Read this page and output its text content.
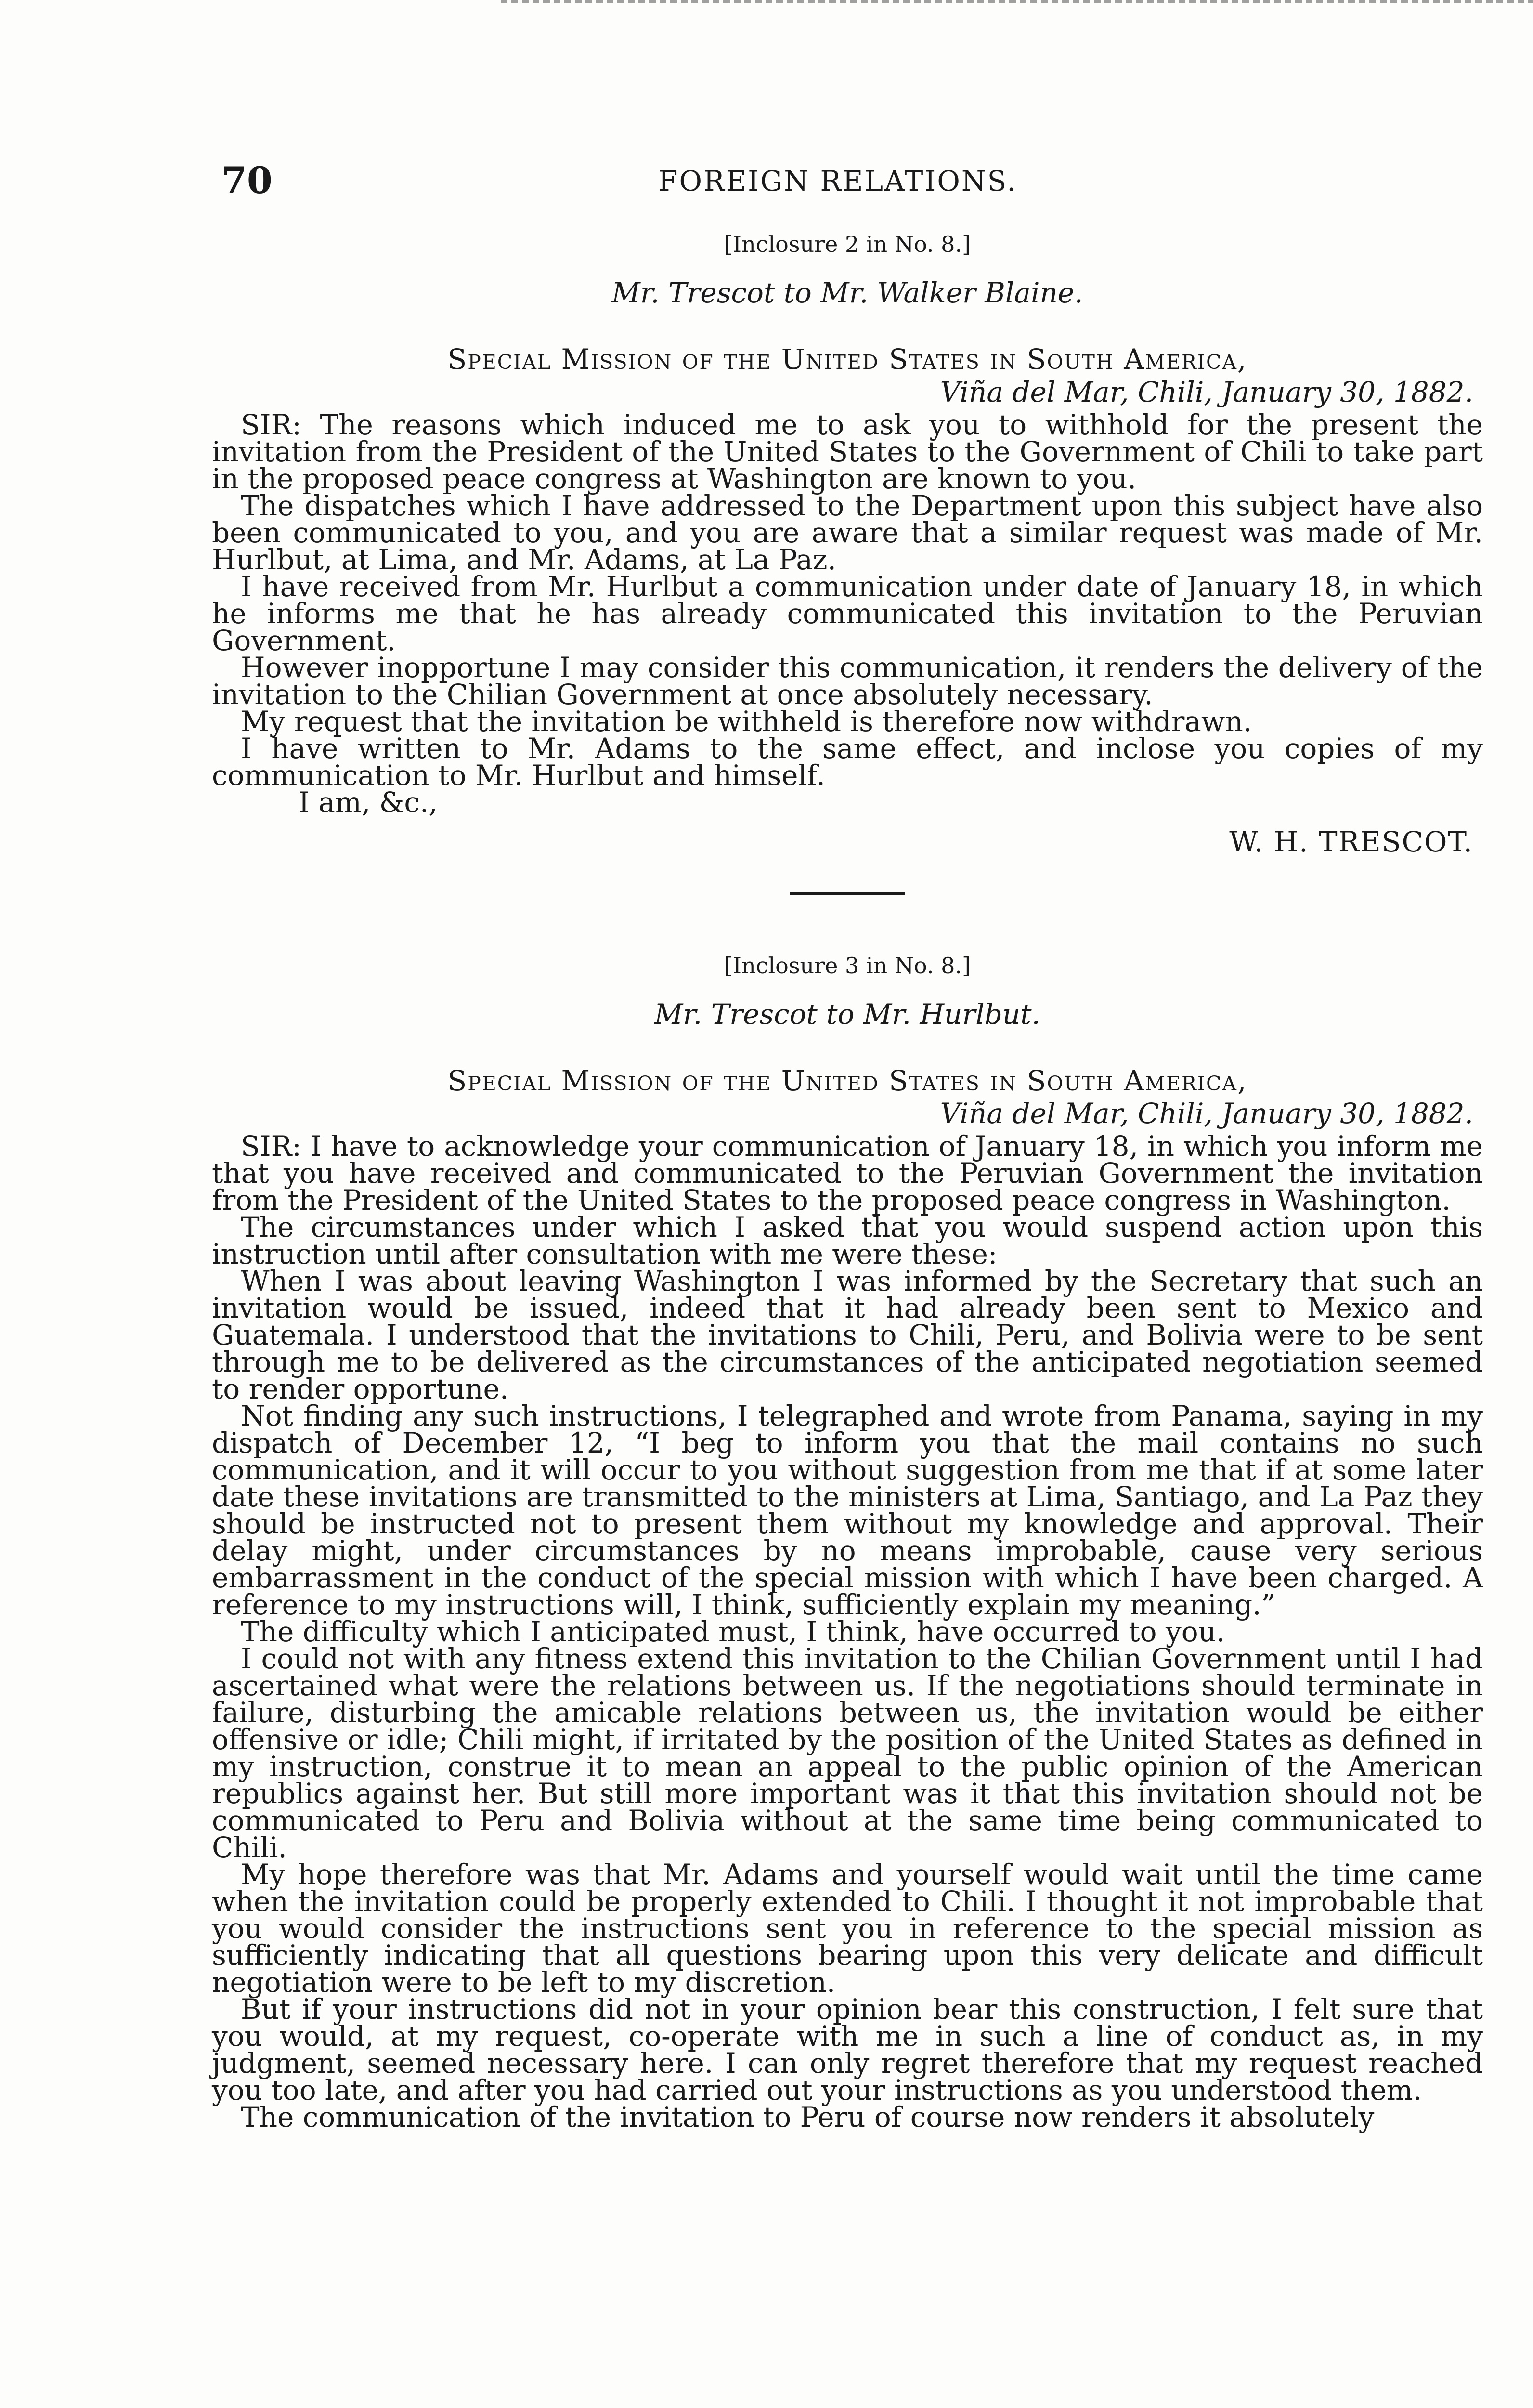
70	FOREIGN RELATIONS.

[Inclosure 2 in No. 8.]

Mr. Trescot to Mr. Walker Blaine.

Special Mission of the United States in South America,

Viña del Mar, Chili, January 30, 1882.

SIR: The reasons which induced me to ask you to withhold for the present the invitation from the President of the United States to the Government of Chili to take part in the proposed peace congress at Washington are known to you.

The dispatches which I have addressed to the Department upon this subject have also been communicated to you, and you are aware that a similar request was made of Mr. Hurlbut, at Lima, and Mr. Adams, at La Paz.

I have received from Mr. Hurlbut a communication under date of January 18, in which he informs me that he has already communicated this invitation to the Peruvian Government.

However inopportune I may consider this communication, it renders the delivery of the invitation to the Chilian Government at once absolutely necessary.

My request that the invitation be withheld is therefore now withdrawn.

I have written to Mr. Adams to the same effect, and inclose you copies of my communication to Mr. Hurlbut and himself.

I am, &c.,

W. H. TRESCOT.

[Inclosure 3 in No. 8.]

Mr. Trescot to Mr. Hurlbut.

Special Mission of the United States in South America,

Viña del Mar, Chili, January 30, 1882.

SIR: I have to acknowledge your communication of January 18, in which you inform me that you have received and communicated to the Peruvian Government the invitation from the President of the United States to the proposed peace congress in Washington.

The circumstances under which I asked that you would suspend action upon this instruction until after consultation with me were these:

When I was about leaving Washington I was informed by the Secretary that such an invitation would be issued, indeed that it had already been sent to Mexico and Guatemala. I understood that the invitations to Chili, Peru, and Bolivia were to be sent through me to be delivered as the circumstances of the anticipated negotiation seemed to render opportune.

Not finding any such instructions, I telegraphed and wrote from Panama, saying in my dispatch of December 12, “I beg to inform you that the mail contains no such communication, and it will occur to you without suggestion from me that if at some later date these invitations are transmitted to the ministers at Lima, Santiago, and La Paz they should be instructed not to present them without my knowledge and approval. Their delay might, under circumstances by no means improbable, cause very serious embarrassment in the conduct of the special mission with which I have been charged. A reference to my instructions will, I think, sufficiently explain my meaning.”

The difficulty which I anticipated must, I think, have occurred to you.

I could not with any fitness extend this invitation to the Chilian Government until I had ascertained what were the relations between us. If the negotiations should terminate in failure, disturbing the amicable relations between us, the invitation would be either offensive or idle; Chili might, if irritated by the position of the United States as defined in my instruction, construe it to mean an appeal to the public opinion of the American republics against her. But still more important was it that this invitation should not be communicated to Peru and Bolivia without at the same time being communicated to Chili.

My hope therefore was that Mr. Adams and yourself would wait until the time came when the invitation could be properly extended to Chili. I thought it not improbable that you would consider the instructions sent you in reference to the special mission as sufficiently indicating that all questions bearing upon this very delicate and difficult negotiation were to be left to my discretion.

But if your instructions did not in your opinion bear this construction, I felt sure that you would, at my request, co-operate with me in such a line of conduct as, in my judgment, seemed necessary here. I can only regret therefore that my request reached you too late, and after you had carried out your instructions as you understood them.

The communication of the invitation to Peru of course now renders it absolutely
